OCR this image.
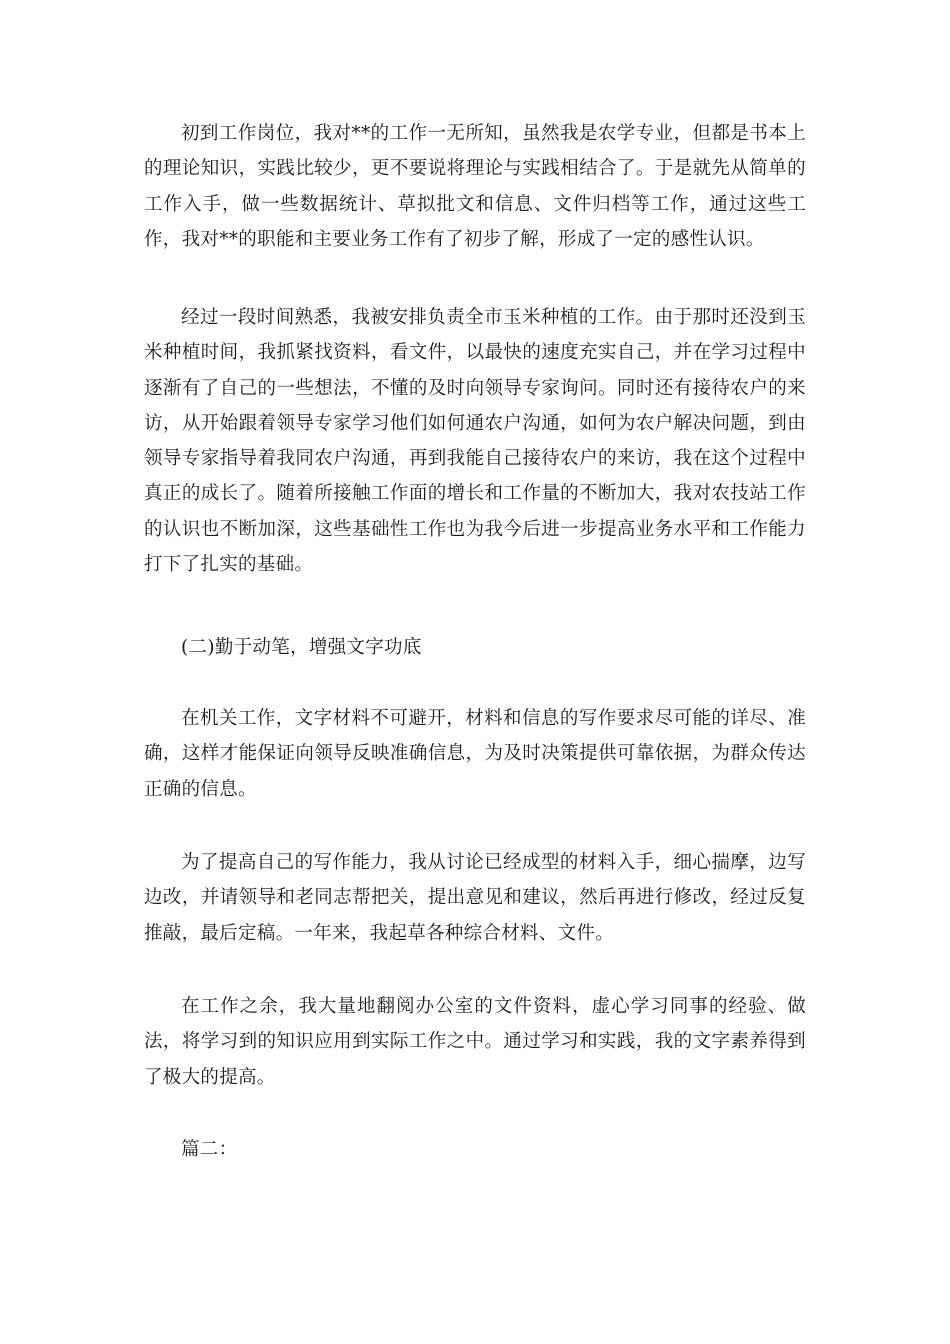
初到工作岗位，我对**的工作一无所知，虽然我是农学专业，但都是书本上的理论知识，实践比较少，更不要说将理论与实践相结合了。于是就先从简单的工作入手，做一些数据统计、草拟批文和信息、文件归档等工作，通过这些工作，我对**的职能和主要业务工作有了初步了解，形成了一定的感性认识。

经过一段时间熟悉，我被安排负责全市玉米种植的工作。由于那时还没到玉米种植时间，我抓紧找资料，看文件，以最快的速度充实自己，并在学习过程中逐渐有了自己的一些想法，不懂的及时向领导专家询问。同时还有接待农户的来访，从开始跟着领导专家学习他们如何通农户沟通，如何为农户解决问题，到由领导专家指导着我同农户沟通，再到我能自己接待农户的来访，我在这个过程中真正的成长了。随着所接触工作面的增长和工作量的不断加大，我对农技站工作的认识也不断加深，这些基础性工作也为我今后进一步提高业务水平和工作能力打下了扎实的基础。

(二)勤于动笔，增强文字功底

在机关工作，文字材料不可避开，材料和信息的写作要求尽可能的详尽、准确，这样才能保证向领导反映准确信息，为及时决策提供可靠依据，为群众传达正确的信息。

为了提高自己的写作能力，我从讨论已经成型的材料入手，细心揣摩，边写边改，并请领导和老同志帮把关，提出意见和建议，然后再进行修改，经过反复推敲，最后定稿。一年来，我起草各种综合材料、文件。

在工作之余，我大量地翻阅办公室的文件资料，虚心学习同事的经验、做法，将学习到的知识应用到实际工作之中。通过学习和实践，我的文字素养得到了极大的提高。

篇二：
